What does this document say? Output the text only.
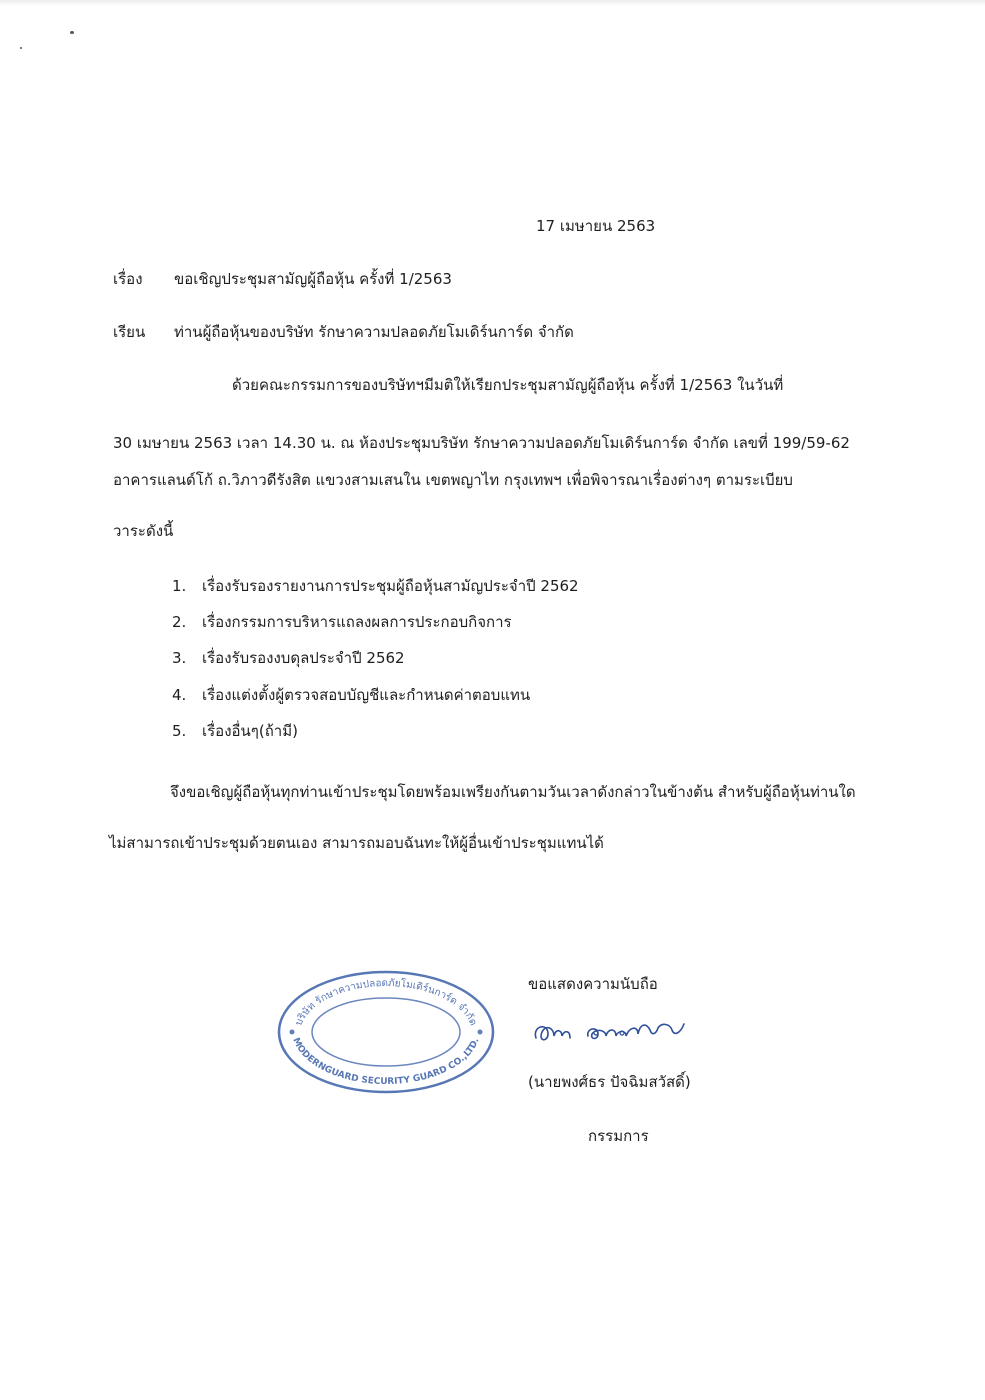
17 เมษายน 2563
เรื่อง ขอเชิญประชุมสามัญผู้ถือหุ้น ครั้งที่ 1/2563
เรียน ท่านผู้ถือหุ้นของบริษัท รักษาความปลอดภัยโมเดิร์นการ์ด จำกัด
ด้วยคณะกรรมการของบริษัทฯมีมติให้เรียกประชุมสามัญผู้ถือหุ้น ครั้งที่ 1/2563 ในวันที่
30 เมษายน 2563 เวลา 14.30 น. ณ ห้องประชุมบริษัท รักษาความปลอดภัยโมเดิร์นการ์ด จำกัด เลขที่ 199/59-62
อาคารแลนด์โก้ ถ.วิภาวดีรังสิต แขวงสามเสนใน เขตพญาไท กรุงเทพฯ เพื่อพิจารณาเรื่องต่างๆ ตามระเบียบ
วาระดังนี้
1. เรื่องรับรองรายงานการประชุมผู้ถือหุ้นสามัญประจำปี 2562
2. เรื่องกรรมการบริหารแถลงผลการประกอบกิจการ
3. เรื่องรับรองงบดุลประจำปี 2562
4. เรื่องแต่งตั้งผู้ตรวจสอบบัญชีและกำหนดค่าตอบแทน
5. เรื่องอื่นๆ(ถ้ามี)
จึงขอเชิญผู้ถือหุ้นทุกท่านเข้าประชุมโดยพร้อมเพรียงกันตามวันเวลาดังกล่าวในข้างต้น สำหรับผู้ถือหุ้นท่านใด
ไม่สามารถเข้าประชุมด้วยตนเอง สามารถมอบฉันทะให้ผู้อื่นเข้าประชุมแทนได้
บริษัท รักษาความปลอดภัยโมเดิร์นการ์ด จำกัด
MODERNGUARD SECURITY GUARD CO.,LTD.
ขอแสดงความนับถือ
(นายพงศ์ธร ปัจฉิมสวัสดิ์)
กรรมการ
